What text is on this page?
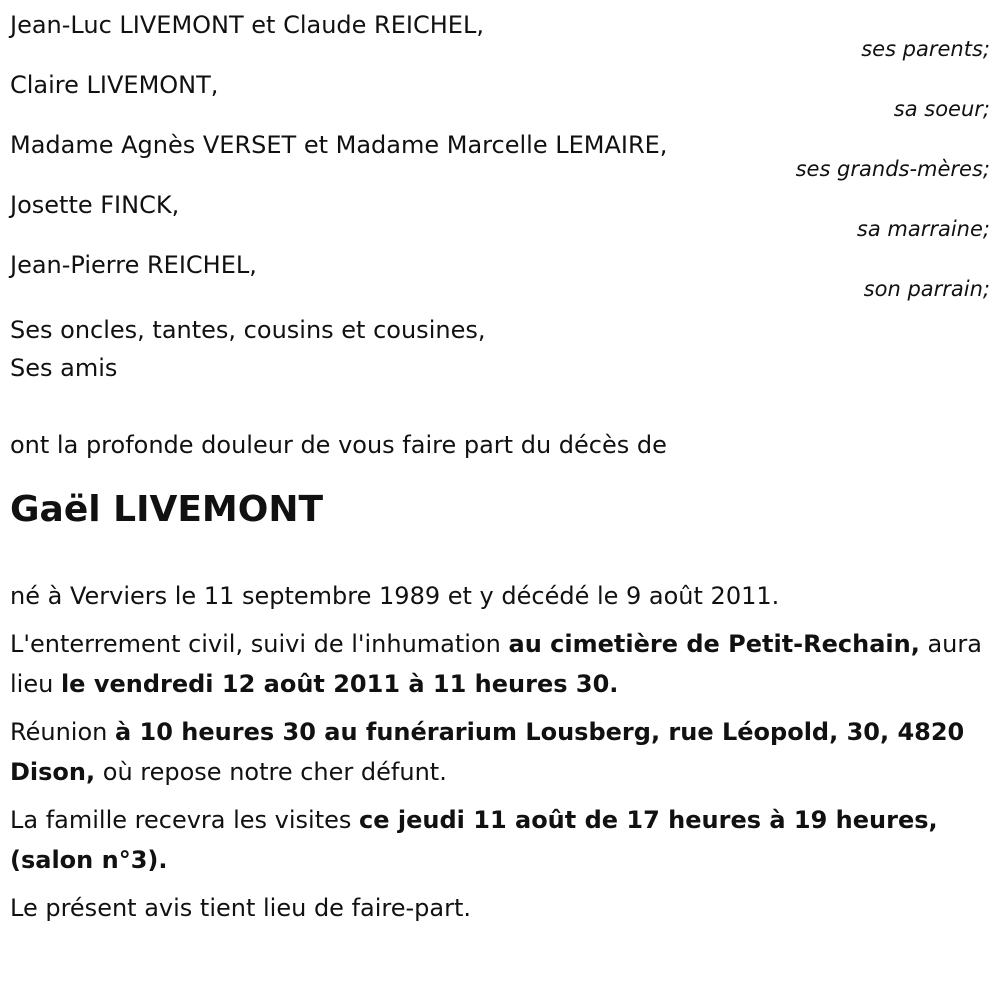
Jean-Luc LIVEMONT et Claude REICHEL,

ses parents;

Claire LIVEMONT,

sa soeur;

Madame Agnès VERSET et Madame Marcelle LEMAIRE,

ses grands-mères;

Josette FINCK,

sa marraine;

Jean-Pierre REICHEL,

son parrain;

Ses oncles, tantes, cousins et cousines,

Ses amis

ont la profonde douleur de vous faire part du décès de

Gaël LIVEMONT

né à Verviers le 11 septembre 1989 et y décédé le 9 août 2011.

L'enterrement civil, suivi de l'inhumation au cimetière de Petit-Rechain, aura lieu le vendredi 12 août 2011 à 11 heures 30.

Réunion à 10 heures 30 au funérarium Lousberg, rue Léopold, 30, 4820 Dison, où repose notre cher défunt.

La famille recevra les visites ce jeudi 11 août de 17 heures à 19 heures, (salon n°3).

Le présent avis tient lieu de faire-part.
